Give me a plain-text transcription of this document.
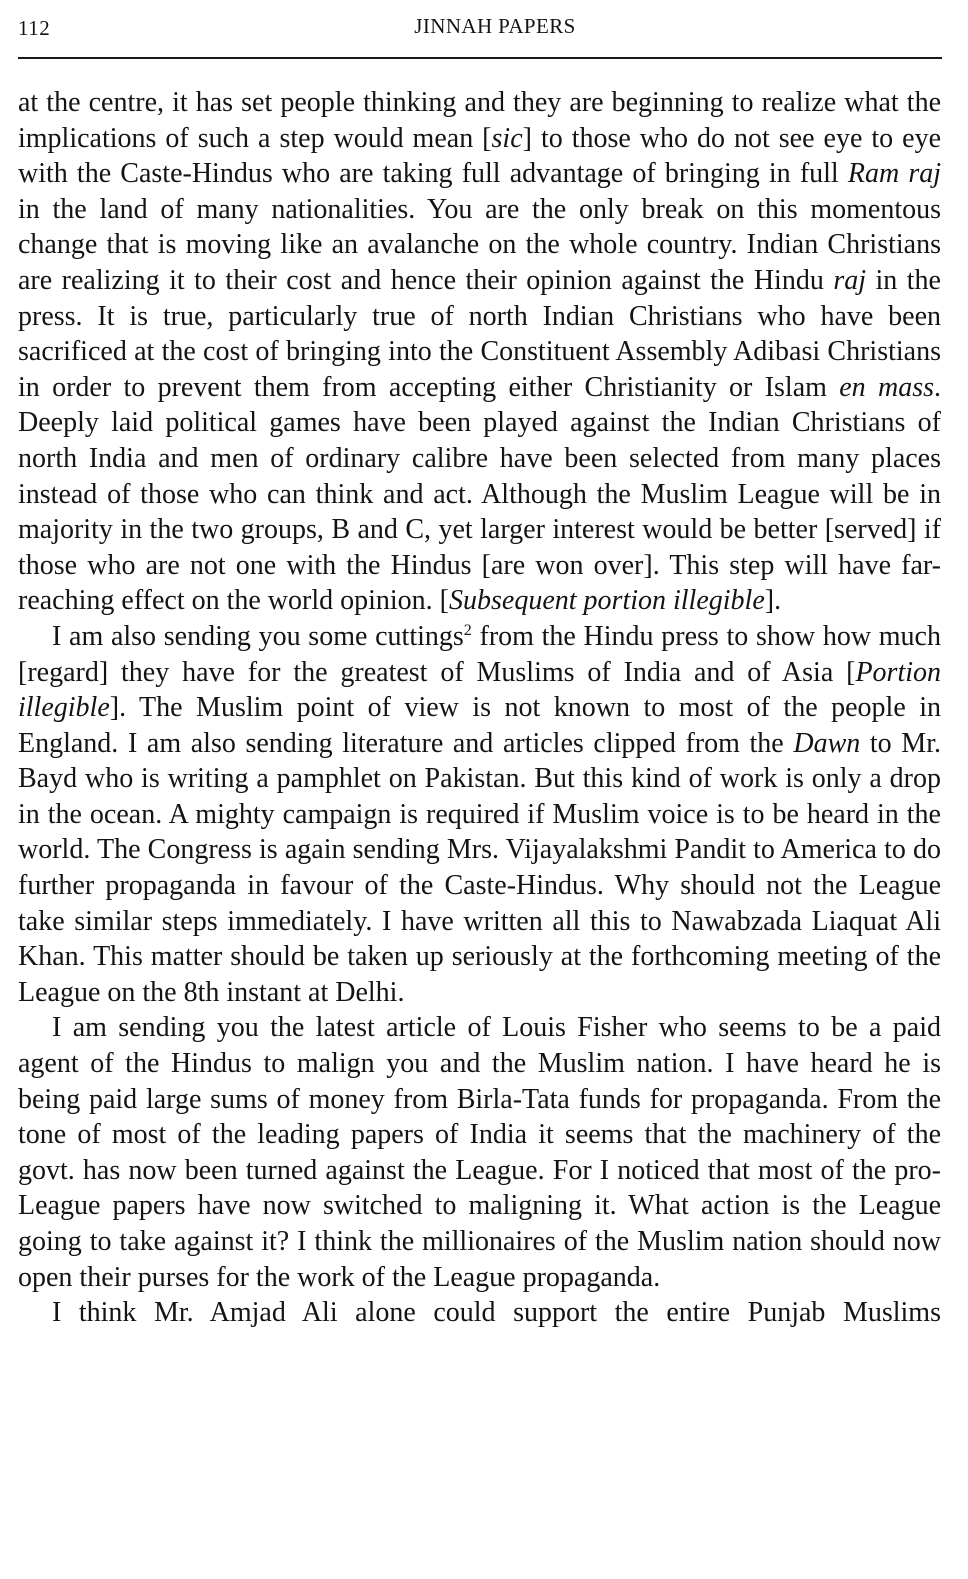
112	JINNAH PAPERS

at the centre, it has set people thinking and they are beginning to realize what the implications of such a step would mean [sic] to those who do not see eye to eye with the Caste-Hindus who are taking full advantage of bringing in full Ram raj in the land of many nationalities. You are the only break on this momentous change that is moving like an avalanche on the whole country. Indian Christians are realizing it to their cost and hence their opinion against the Hindu raj in the press. It is true, particularly true of north Indian Christians who have been sacrificed at the cost of bringing into the Constituent Assembly Adibasi Christians in order to prevent them from accepting either Christianity or Islam en mass. Deeply laid political games have been played against the Indian Christians of north India and men of ordinary calibre have been selected from many places instead of those who can think and act. Although the Muslim League will be in majority in the two groups, B and C, yet larger interest would be better [served] if those who are not one with the Hindus [are won over]. This step will have far-reaching effect on the world opinion. [Subsequent portion illegible].

I am also sending you some cuttings$^2$ from the Hindu press to show how much [regard] they have for the greatest of Muslims of India and of Asia [Portion illegible]. The Muslim point of view is not known to most of the people in England. I am also sending literature and articles clipped from the Dawn to Mr. Bayd who is writing a pamphlet on Pakistan. But this kind of work is only a drop in the ocean. A mighty campaign is required if Muslim voice is to be heard in the world. The Congress is again sending Mrs. Vijayalakshmi Pandit to America to do further propaganda in favour of the Caste-Hindus. Why should not the League take similar steps immediately. I have written all this to Nawabzada Liaquat Ali Khan. This matter should be taken up seriously at the forthcoming meeting of the League on the 8th instant at Delhi.

I am sending you the latest article of Louis Fisher who seems to be a paid agent of the Hindus to malign you and the Muslim nation. I have heard he is being paid large sums of money from Birla-Tata funds for propaganda. From the tone of most of the leading papers of India it seems that the machinery of the govt. has now been turned against the League. For I noticed that most of the pro-League papers have now switched to maligning it. What action is the League going to take against it? I think the millionaires of the Muslim nation should now open their purses for the work of the League propaganda.

I think Mr. Amjad Ali alone could support the entire Punjab Muslims
